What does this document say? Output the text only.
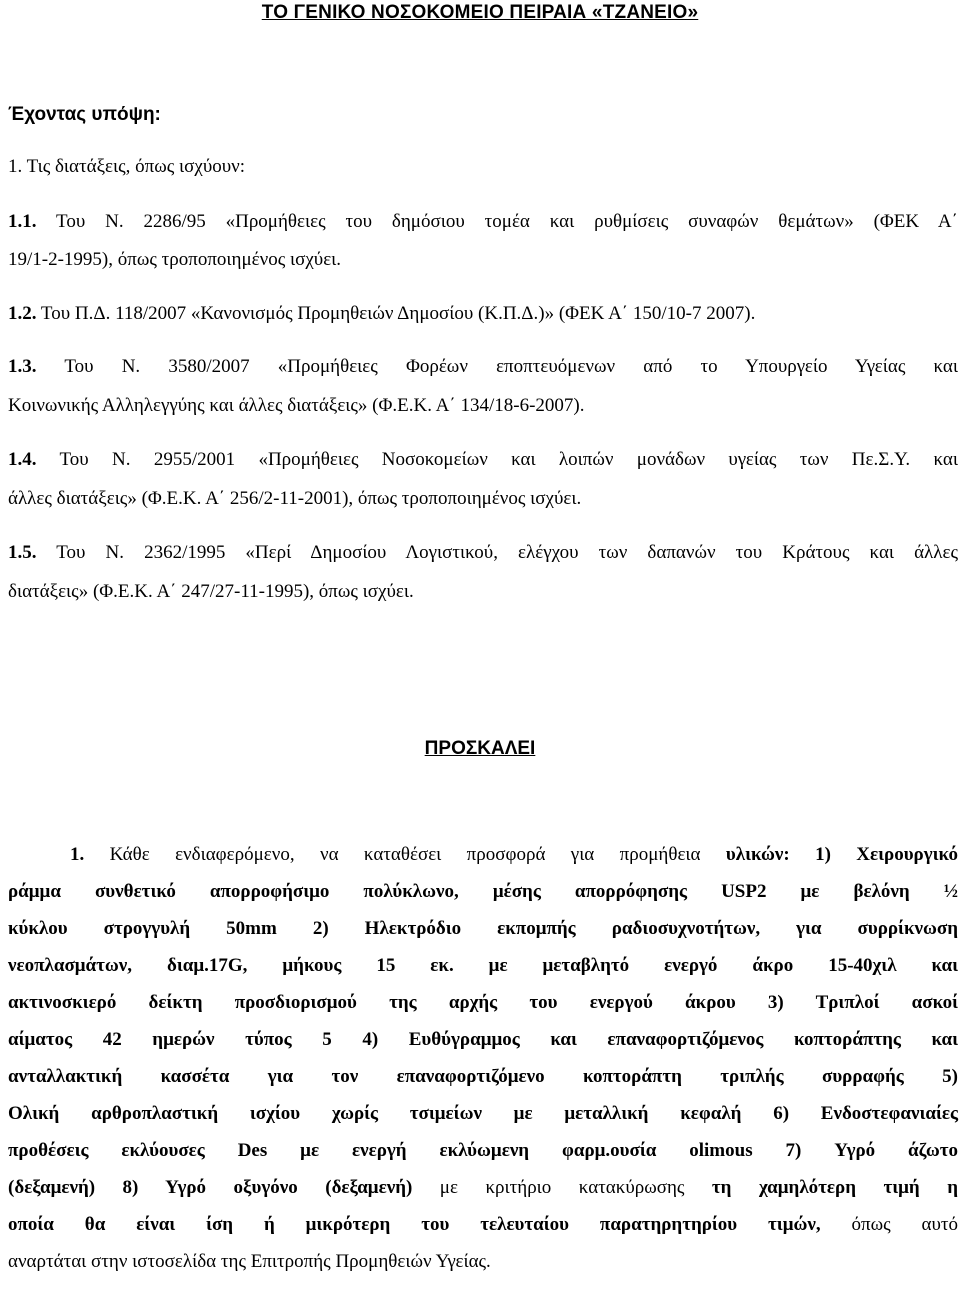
ΤΟ ΓΕΝΙΚΟ ΝΟΣΟΚΟΜΕΙΟ ΠΕΙΡΑΙΑ «ΤΖΑΝΕΙΟ»
Έχοντας υπόψη:
1. Τις διατάξεις, όπως ισχύουν:
1.1. Του Ν. 2286/95 «Προμήθειες του δημόσιου τομέα και ρυθμίσεις συναφών θεμάτων» (ΦΕΚ Α΄
19/1-2-1995), όπως τροποποιημένος ισχύει.
1.2. Του Π.Δ. 118/2007 «Κανονισμός Προμηθειών Δημοσίου (Κ.Π.Δ.)» (ΦΕΚ Α΄ 150/10-7 2007).
1.3. Του Ν. 3580/2007 «Προμήθειες Φορέων εποπτευόμενων από το Υπουργείο Υγείας και
Κοινωνικής Αλληλεγγύης και άλλες διατάξεις» (Φ.Ε.Κ. Α΄ 134/18-6-2007).
1.4. Του Ν. 2955/2001 «Προμήθειες Νοσοκομείων και λοιπών μονάδων υγείας των Πε.Σ.Υ. και
άλλες διατάξεις» (Φ.Ε.Κ. Α΄ 256/2-11-2001), όπως τροποποιημένος ισχύει.
1.5. Του Ν. 2362/1995 «Περί Δημοσίου Λογιστικού, ελέγχου των δαπανών του Κράτους και άλλες
διατάξεις» (Φ.Ε.Κ. Α΄ 247/27-11-1995), όπως ισχύει.
ΠΡΟΣΚΑΛΕΙ
1. Κάθε ενδιαφερόμενο, να καταθέσει προσφορά για προμήθεια υλικών: 1) Χειρουργικό
ράμμα συνθετικό απορροφήσιμο πολύκλωνο, μέσης απορρόφησης USP2 με βελόνη ½
κύκλου στρογγυλή 50mm 2) Ηλεκτρόδιο εκπομπής ραδιοσυχνοτήτων, για συρρίκνωση
νεοπλασμάτων, διαμ.17G, μήκους 15 εκ. με μεταβλητό ενεργό άκρο 15-40χιλ και
ακτινοσκιερό δείκτη προσδιορισμού της αρχής του ενεργού άκρου 3) Τριπλοί ασκοί
αίματος 42 ημερών τύπος 5 4) Ευθύγραμμος και επαναφορτιζόμενος κοπτοράπτης και
ανταλλακτική κασσέτα για τον επαναφορτιζόμενο κοπτοράπτη τριπλής συρραφής 5)
Ολική αρθροπλαστική ισχίου χωρίς τσιμείων με μεταλλική κεφαλή 6) Ενδοστεφανιαίες
προθέσεις εκλύουσες Des με ενεργή εκλύωμενη φαρμ.ουσία olimous 7) Υγρό άζωτο
(δεξαμενή) 8) Υγρό οξυγόνο (δεξαμενή) με κριτήριο κατακύρωσης τη χαμηλότερη τιμή η
οποία θα είναι ίση ή μικρότερη του τελευταίου παρατηρητηρίου τιμών, όπως αυτό
αναρτάται στην ιστοσελίδα της Επιτροπής Προμηθειών Υγείας.
